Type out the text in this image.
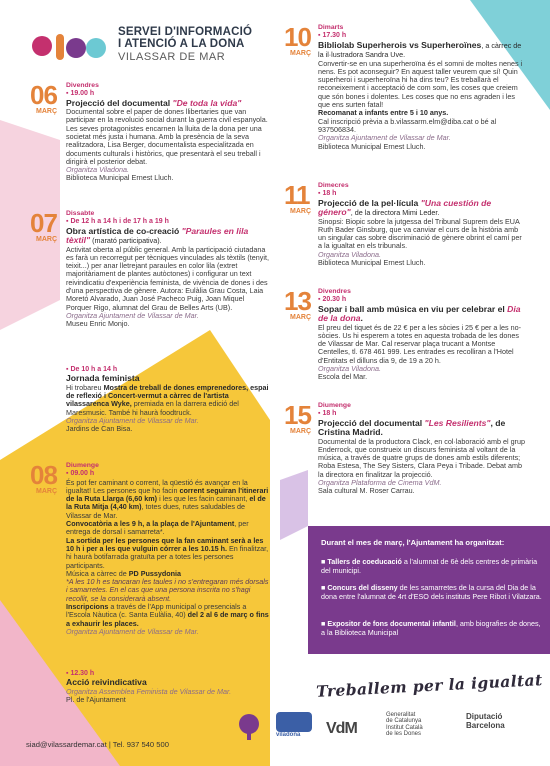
SERVEI D'INFORMACIÓ
I ATENCIÓ A LA DONA
VILASSAR DE MAR
06
MARÇ
Divendres
▪ 19.00 h
Projecció del documental "De toda la vida"

Documental sobre el paper de dones llibertaries que van participar en la revolució social durant la guerra civil espanyola. Les seves protagonistes encarnen la lluita de la dona per una societat més justa i humana. Amb la presència de la seva realitzadora, Lisa Berger, documentalista especialitzada en documents culturals i històrics, que presentarà el seu treball i dirigirà el posterior debat.

Organitza Viladona.

Biblioteca Municipal Ernest Lluch.

07
MARÇ
Dissabte
▪ De 12 h a 14 h i de 17 h a 19 h
Obra artística de co-creació "Paraules en lila tèxtil" (marató participativa).

Activitat oberta al públic general. Amb la participació ciutadana es farà un recorregut per tècniques vinculades als tèxtils (tenyit, teixit...) per anar lletrejant paraules en color lila (extret majoritàriament de plantes autòctones) i configurar un text reivindicatiu d'experiència feminista, de vivència de dones i des d'una perspectiva de gènere. Autora: Eulàlia Grau Costa, Laia Moretó Alvarado, Juan José Pacheco Puig, Joan Miquel Porquer Rigo, alumnat del Grau de Belles Arts (UB).

Organitza Ajuntament de Vilassar de Mar.

Museu Enric Monjo.

▪ De 10 h a 14 h
Jornada feminista

Hi trobareu Mostra de treball de dones emprenedores, espai de reflexió i Concert-vermut a càrrec de l'artista vilassarenca Wyke, premiada en la darrera edició del Maresmusic. També hi haurà foodtruck.

Organitza Ajuntament de Vilassar de Mar.

Jardins de Can Bisa.

08
MARÇ
Diumenge
▪ 09.00 h

És pot fer caminant o corrent, la qüestió és avançar en la igualtat! Les persones que ho facin corrent seguiran l'itinerari de la Ruta Llarga (6,60 km) i les que les facin caminant, el de la Ruta Mitja (4,40 km), totes dues, rutes saludables de Vilassar de Mar.

Convocatòria a les 9 h, a la plaça de l'Ajuntament, per entrega de dorsal i samarreta*.

La sortida per les persones que la fan caminant serà a les 10 h i per a les que vulguin córrer a les 10.15 h. En finalitzar, hi haurà botifarrada gratuïta per a totes les persones participants.

Música a càrrec de PD Pussydonia

*A les 10 h es tancaran les taules i no s'entregaran més dorsals i samarretes. En el cas que una persona inscrita no s'hagi recollit, se la considerarà absent.

Inscripcions a través de l'App municipal o presencials a l'Escola Nàutica (c. Santa Eulàlia, 40) del 2 al 6 de març o fins a exhaurir les places.

Organitza Ajuntament de Vilassar de Mar.

▪ 12.30 h
Acció reivindicativa

Organitza Assemblea Feminista de Vilassar de Mar.

Pl. de l'Ajuntament

10
MARÇ
Dimarts
▪ 17.30 h
Bibliolab Superherois vs Superheroïnes, a càrrec de la il·lustradora Sandra Uve.

Convertir-se en una superheroïna és el somni de moltes nenes i nens. Es pot aconseguir? En aquest taller veurem que sí! Quin superheroi i superheroïna hi ha dins teu? Es treballarà el reconeixement i acceptació de com som, les coses que creiem que són bones i dolentes. Les coses que no ens agraden i les que ens surten fatal!

Recomanat a infants entre 5 i 10 anys.

Cal inscripció prèvia a b.vilassarm.elm@diba.cat o bé al 937506834.

Organitza Ajuntament de Vilassar de Mar.

Biblioteca Municipal Ernest Lluch.

11
MARÇ
Dimecres
▪ 18 h
Projecció de la pel·lícula "Una cuestión de género", de la directora Mimi Leder.

Sinopsi: Biopic sobre la jutgessa del Tribunal Suprem dels EUA Ruth Bader Ginsburg, que va canviar el curs de la història amb un singular cas sobre discriminació de gènere obrint el camí per a la igualtat en els tribunals.

Organitza Viladona.

Biblioteca Municipal Ernest Lluch.

13
MARÇ
Divendres
▪ 20.30 h
Sopar i ball amb música en viu per celebrar el Dia de la dona.

El preu del tiquet és de 22 € per a les sòcies i 25 € per a les no-sòcies. Us hi esperem a totes en aquesta trobada de les dones de Vilassar de Mar. Cal reservar plaça trucant a Montse Centelles, tl. 678 461 999. Les entrades es recolliran a l'Hotel d'Entitats el dilluns dia 9, de 19 a 20 h.

Organitza Viladona.

Escola del Mar.

15
MARÇ
Diumenge
▪ 18 h
Projecció del documental "Les Resilients", de Cristina Madrid.

Documental de la productora Clack, en col·laboració amb el grup Enderrock, que construeix un discurs feminista al voltant de la música, a través de quatre grups de dones amb estils diferents; Roba Estesa, The Sey Sisters, Clara Peya i Tribade. Debat amb la directora en finalitzar la projecció.

Organitza Plataforma de Cinema VdM.

Sala cultural M. Roser Carrau.

Durant el mes de març, l'Ajuntament ha organitzat:
■ Tallers de coeducació a l'alumnat de 6è dels centres de primària del municipi.
■ Concurs del disseny de les samarretes de la cursa del Dia de la dona entre l'alumnat de 4rt d'ESO dels instituts Pere Ribot i Vilatzara.
■ Expositor de fons documental infantil, amb biografies de dones, a la Biblioteca Municipal
Treballem per la igualtat
viladona	VdM
Generalitat
de Catalunya
Institut Català
de les Dones
Diputació
Barcelona
siad@vilassardemar.cat | Tel. 937 540 500
